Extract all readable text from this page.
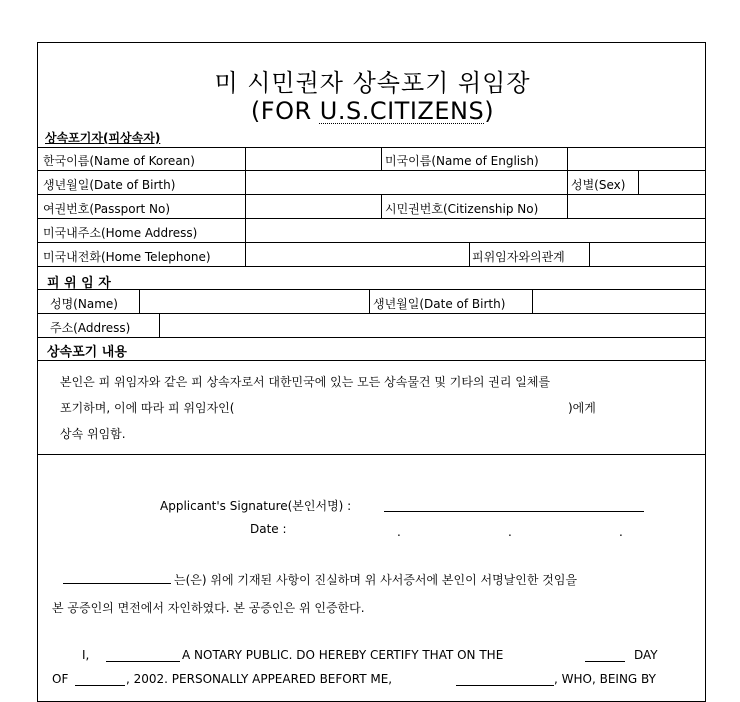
미 시민권자 상속포기 위임장
(FOR U.S.CITIZENS)
상속포기자(피상속자)
한국이름(Name of Korean)	미국이름(Name of English)
생년월일(Date of Birth)	성별(Sex)
여권번호(Passport No)	시민권번호(Citizenship No)
미국내주소(Home Address)
미국내전화(Home Telephone)	피위임자와의관계
피 위 임 자
성명(Name)	생년월일(Date of Birth)
주소(Address)
상속포기 내용
본인은 피 위임자와 같은 피 상속자로서 대한민국에 있는 모든 상속물건 및 기타의 권리 일체를
포기하며, 이에 따라 피 위임자인(	)에게
상속 위임함.
Applicant's Signature(본인서명) :
Date :	.	.	.
는(은) 위에 기재된 사항이 진실하며 위 사서증서에 본인이 서명날인한 것임을
본 공증인의 면전에서 자인하였다. 본 공증인은 위 인증한다.
I,	A NOTARY PUBLIC. DO HEREBY CERTIFY THAT ON THE	DAY
OF	, 2002. PERSONALLY APPEARED BEFORT ME,	, WHO, BEING BY
